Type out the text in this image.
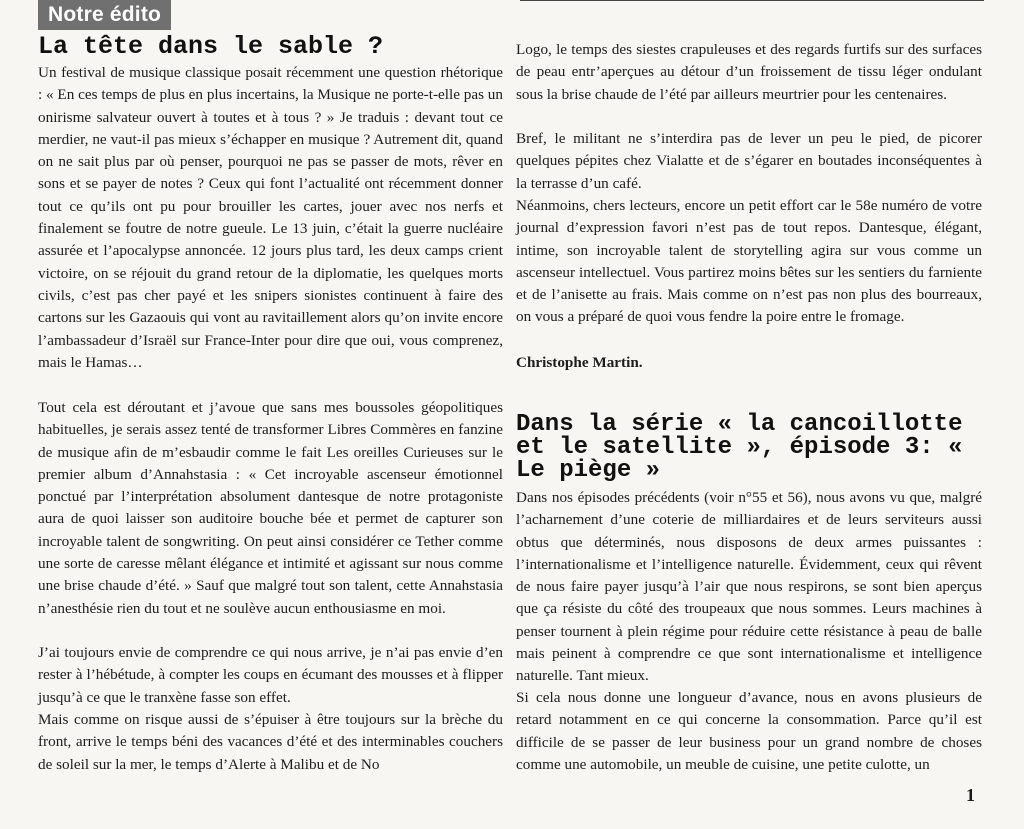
Notre édito
La tête dans le sable ?

Un festival de musique classique posait récemment une question rhétorique : « En ces temps de plus en plus incertains, la Musique ne porte-t-elle pas un onirisme salvateur ouvert à toutes et à tous ? » Je traduis : devant tout ce merdier, ne vaut-il pas mieux s’échapper en musique ? Autrement dit, quand on ne sait plus par où penser, pourquoi ne pas se passer de mots, rêver en sons et se payer de notes ? Ceux qui font l’actualité ont récemment donner tout ce qu’ils ont pu pour brouiller les cartes, jouer avec nos nerfs et finalement se foutre de notre gueule. Le 13 juin, c’était la guerre nucléaire assurée et l’apocalypse annoncée. 12 jours plus tard, les deux camps crient victoire, on se réjouit du grand retour de la diplomatie, les quelques morts civils, c’est pas cher payé et les snipers sionistes continuent à faire des cartons sur les Gazaouis qui vont au ravitaillement alors qu’on invite encore l’ambassadeur d’Israël sur France-Inter pour dire que oui, vous comprenez, mais le Hamas…

Tout cela est déroutant et j’avoue que sans mes boussoles géopolitiques habituelles, je serais assez tenté de transformer Libres Commères en fanzine de musique afin de m’esbaudir comme le fait Les oreilles Curieuses sur le premier album d’Annahstasia : « Cet incroyable ascenseur émotionnel ponctué par l’interprétation absolument dantesque de notre protagoniste aura de quoi laisser son auditoire bouche bée et permet de capturer son incroyable talent de songwriting. On peut ainsi considérer ce Tether comme une sorte de caresse mêlant élégance et intimité et agissant sur nous comme une brise chaude d’été. » Sauf que malgré tout son talent, cette Annahstasia n’anesthésie rien du tout et ne soulève aucun enthousiasme en moi.

J’ai toujours envie de comprendre ce qui nous arrive, je n’ai pas envie d’en rester à l’hébétude, à compter les coups en écumant des mousses et à flipper jusqu’à ce que le tranxène fasse son effet.

Mais comme on risque aussi de s’épuiser à être toujours sur la brèche du front, arrive le temps béni des vacances d’été et des interminables couchers de soleil sur la mer, le temps d’Alerte à Malibu et de No

Logo, le temps des siestes crapuleuses et des regards furtifs sur des surfaces de peau entr’aperçues au détour d’un froissement de tissu léger ondulant sous la brise chaude de l’été par ailleurs meurtrier pour les centenaires.

Bref, le militant ne s’interdira pas de lever un peu le pied, de picorer quelques pépites chez Vialatte et de s’égarer en boutades inconséquentes à la terrasse d’un café.

Néanmoins, chers lecteurs, encore un petit effort car le 58e numéro de votre journal d’expression favori n’est pas de tout repos. Dantesque, élégant, intime, son incroyable talent de storytelling agira sur vous comme un ascenseur intellectuel. Vous partirez moins bêtes sur les sentiers du farniente et de l’anisette au frais. Mais comme on n’est pas non plus des bourreaux, on vous a préparé de quoi vous fendre la poire entre le fromage.

Christophe Martin.

Dans la série « la cancoillotte et le satellite », épisode 3: « Le piège »

Dans nos épisodes précédents (voir n°55 et 56), nous avons vu que, malgré l’acharnement d’une coterie de milliardaires et de leurs serviteurs aussi obtus que déterminés, nous disposons de deux armes puissantes : l’internationalisme et l’intelligence naturelle. Évidemment, ceux qui rêvent de nous faire payer jusqu’à l’air que nous respirons, se sont bien aperçus que ça résiste du côté des troupeaux que nous sommes. Leurs machines à penser tournent à plein régime pour réduire cette résistance à peau de balle mais peinent à comprendre ce que sont internationalisme et intelligence naturelle. Tant mieux.

Si cela nous donne une longueur d’avance, nous en avons plusieurs de retard notamment en ce qui concerne la consommation. Parce qu’il est difficile de se passer de leur business pour un grand nombre de choses comme une automobile, un meuble de cuisine, une petite culotte, un

1
